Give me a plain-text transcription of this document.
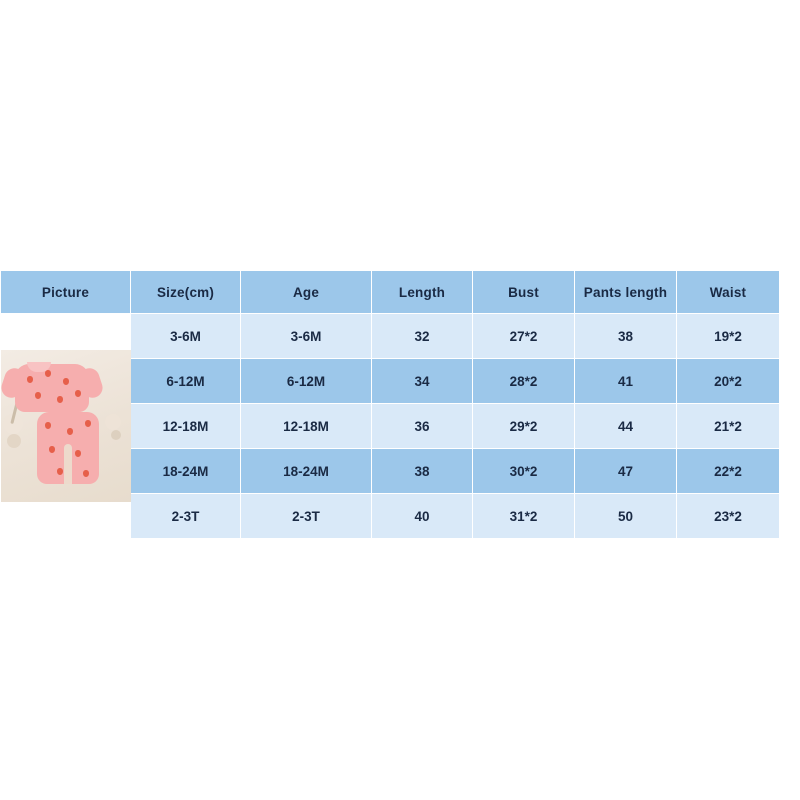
Picture	Size(cm)	Age	Length	Bust	Pants length	Waist

	3-6M	3-6M	32	27*2	38	19*2
	6-12M	6-12M	34	28*2	41	20*2
	12-18M	12-18M	36	29*2	44	21*2
	18-24M	18-24M	38	30*2	47	22*2
	2-3T	2-3T	40	31*2	50	23*2
